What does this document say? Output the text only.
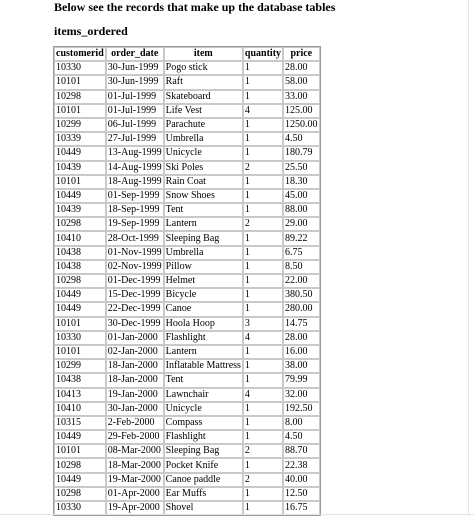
Below see the records that make up the database tables

items_ordered

customerid	order_date	item	quantity	price
10330	30-Jun-1999	Pogo stick	1	28.00
10101	30-Jun-1999	Raft	1	58.00
10298	01-Jul-1999	Skateboard	1	33.00
10101	01-Jul-1999	Life Vest	4	125.00
10299	06-Jul-1999	Parachute	1	1250.00
10339	27-Jul-1999	Umbrella	1	4.50
10449	13-Aug-1999	Unicycle	1	180.79
10439	14-Aug-1999	Ski Poles	2	25.50
10101	18-Aug-1999	Rain Coat	1	18.30
10449	01-Sep-1999	Snow Shoes	1	45.00
10439	18-Sep-1999	Tent	1	88.00
10298	19-Sep-1999	Lantern	2	29.00
10410	28-Oct-1999	Sleeping Bag	1	89.22
10438	01-Nov-1999	Umbrella	1	6.75
10438	02-Nov-1999	Pillow	1	8.50
10298	01-Dec-1999	Helmet	1	22.00
10449	15-Dec-1999	Bicycle	1	380.50
10449	22-Dec-1999	Canoe	1	280.00
10101	30-Dec-1999	Hoola Hoop	3	14.75
10330	01-Jan-2000	Flashlight	4	28.00
10101	02-Jan-2000	Lantern	1	16.00
10299	18-Jan-2000	Inflatable Mattress	1	38.00
10438	18-Jan-2000	Tent	1	79.99
10413	19-Jan-2000	Lawnchair	4	32.00
10410	30-Jan-2000	Unicycle	1	192.50
10315	2-Feb-2000	Compass	1	8.00
10449	29-Feb-2000	Flashlight	1	4.50
10101	08-Mar-2000	Sleeping Bag	2	88.70
10298	18-Mar-2000	Pocket Knife	1	22.38
10449	19-Mar-2000	Canoe paddle	2	40.00
10298	01-Apr-2000	Ear Muffs	1	12.50
10330	19-Apr-2000	Shovel	1	16.75
